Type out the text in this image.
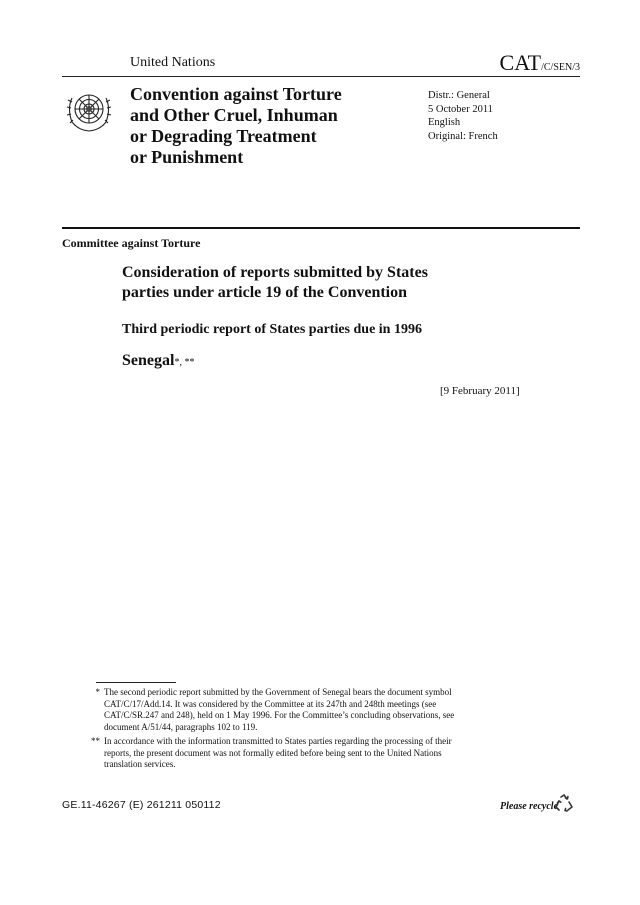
United Nations	CAT/C/SEN/3
Convention against Torture
and Other Cruel, Inhuman
or Degrading Treatment
or Punishment
Distr.: General
5 October 2011
English
Original: French
Committee against Torture
Consideration of reports submitted by States
parties under article 19 of the Convention
Third periodic report of States parties due in 1996
Senegal*, **
[9 February 2011]
* The second periodic report submitted by the Government of Senegal bears the document symbol
CAT/C/17/Add.14. It was considered by the Committee at its 247th and 248th meetings (see
CAT/C/SR.247 and 248), held on 1 May 1996. For the Committee’s concluding observations, see
document A/51/44, paragraphs 102 to 119.
** In accordance with the information transmitted to States parties regarding the processing of their
reports, the present document was not formally edited before being sent to the United Nations
translation services.
GE.11-46267 (E) 261211 050112	Please recycle
